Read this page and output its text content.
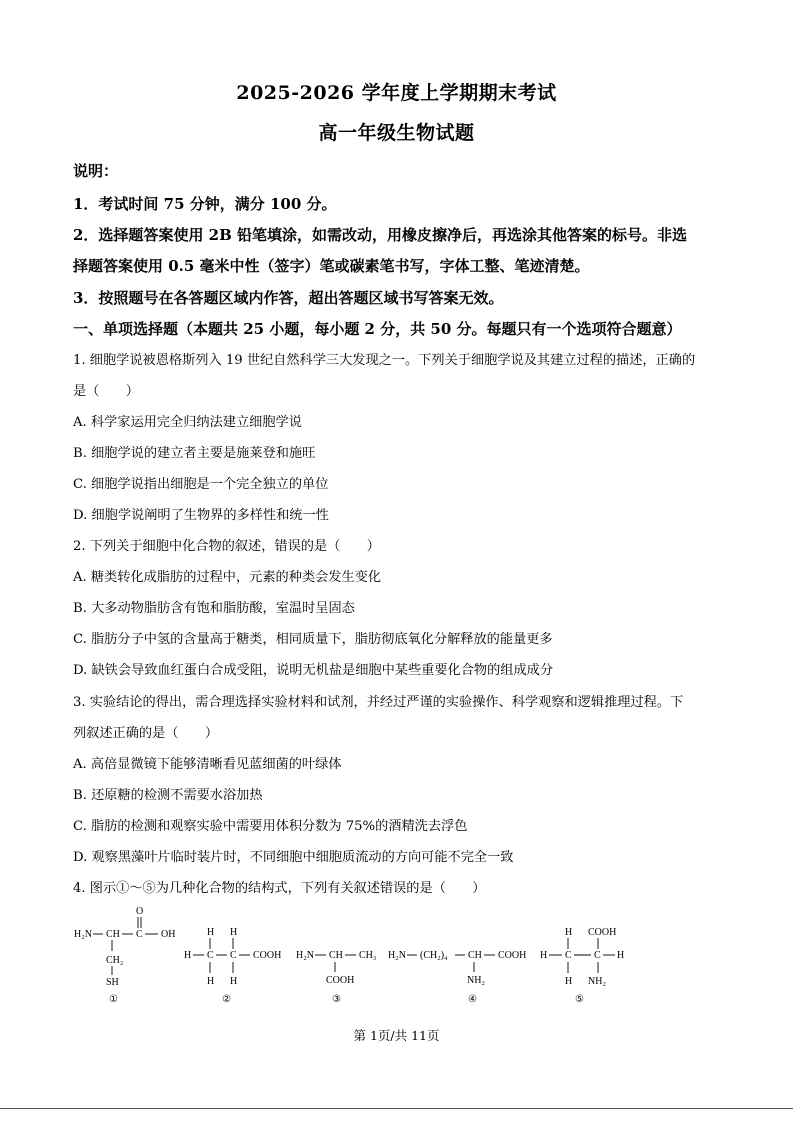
2025-2026 学年度上学期期末考试
高一年级生物试题
说明：
1．考试时间 75 分钟，满分 100 分。
2．选择题答案使用 2B 铅笔填涂，如需改动，用橡皮擦净后，再选涂其他答案的标号。非选
择题答案使用 0.5 毫米中性（签字）笔或碳素笔书写，字体工整、笔迹清楚。
3．按照题号在各答题区域内作答，超出答题区域书写答案无效。
一、单项选择题（本题共 25 小题，每小题 2 分，共 50 分。每题只有一个选项符合题意）
1. 细胞学说被恩格斯列入 19 世纪自然科学三大发现之一。下列关于细胞学说及其建立过程的描述，正确的
是（　　）
A. 科学家运用完全归纳法建立细胞学说
B. 细胞学说的建立者主要是施莱登和施旺
C. 细胞学说指出细胞是一个完全独立的单位
D. 细胞学说阐明了生物界的多样性和统一性
2. 下列关于细胞中化合物的叙述，错误的是（　　）
A. 糖类转化成脂肪的过程中，元素的种类会发生变化
B. 大多动物脂肪含有饱和脂肪酸，室温时呈固态
C. 脂肪分子中氢的含量高于糖类，相同质量下，脂肪彻底氧化分解释放的能量更多
D. 缺铁会导致血红蛋白合成受阻，说明无机盐是细胞中某些重要化合物的组成成分
3. 实验结论的得出，需合理选择实验材料和试剂，并经过严谨的实验操作、科学观察和逻辑推理过程。下
列叙述正确的是（　　）
A. 高倍显微镜下能够清晰看见蓝细菌的叶绿体
B. 还原糖的检测不需要水浴加热
C. 脂肪的检测和观察实验中需要用体积分数为 75%的酒精洗去浮色
D. 观察黑藻叶片临时装片时，不同细胞中细胞质流动的方向可能不完全一致
4. 图示①～⑤为几种化合物的结构式，下列有关叙述错误的是（　　）
O
H₂N CH C OH
CH₂
SH
①
H H
H C C COOH
H H
②
H₂N CH CH₃
COOH
③
H₂N (CH₂)₄ CH COOH
NH₂
④
H COOH
H C C H
H NH₂
⑤
第 1页/共 11页
